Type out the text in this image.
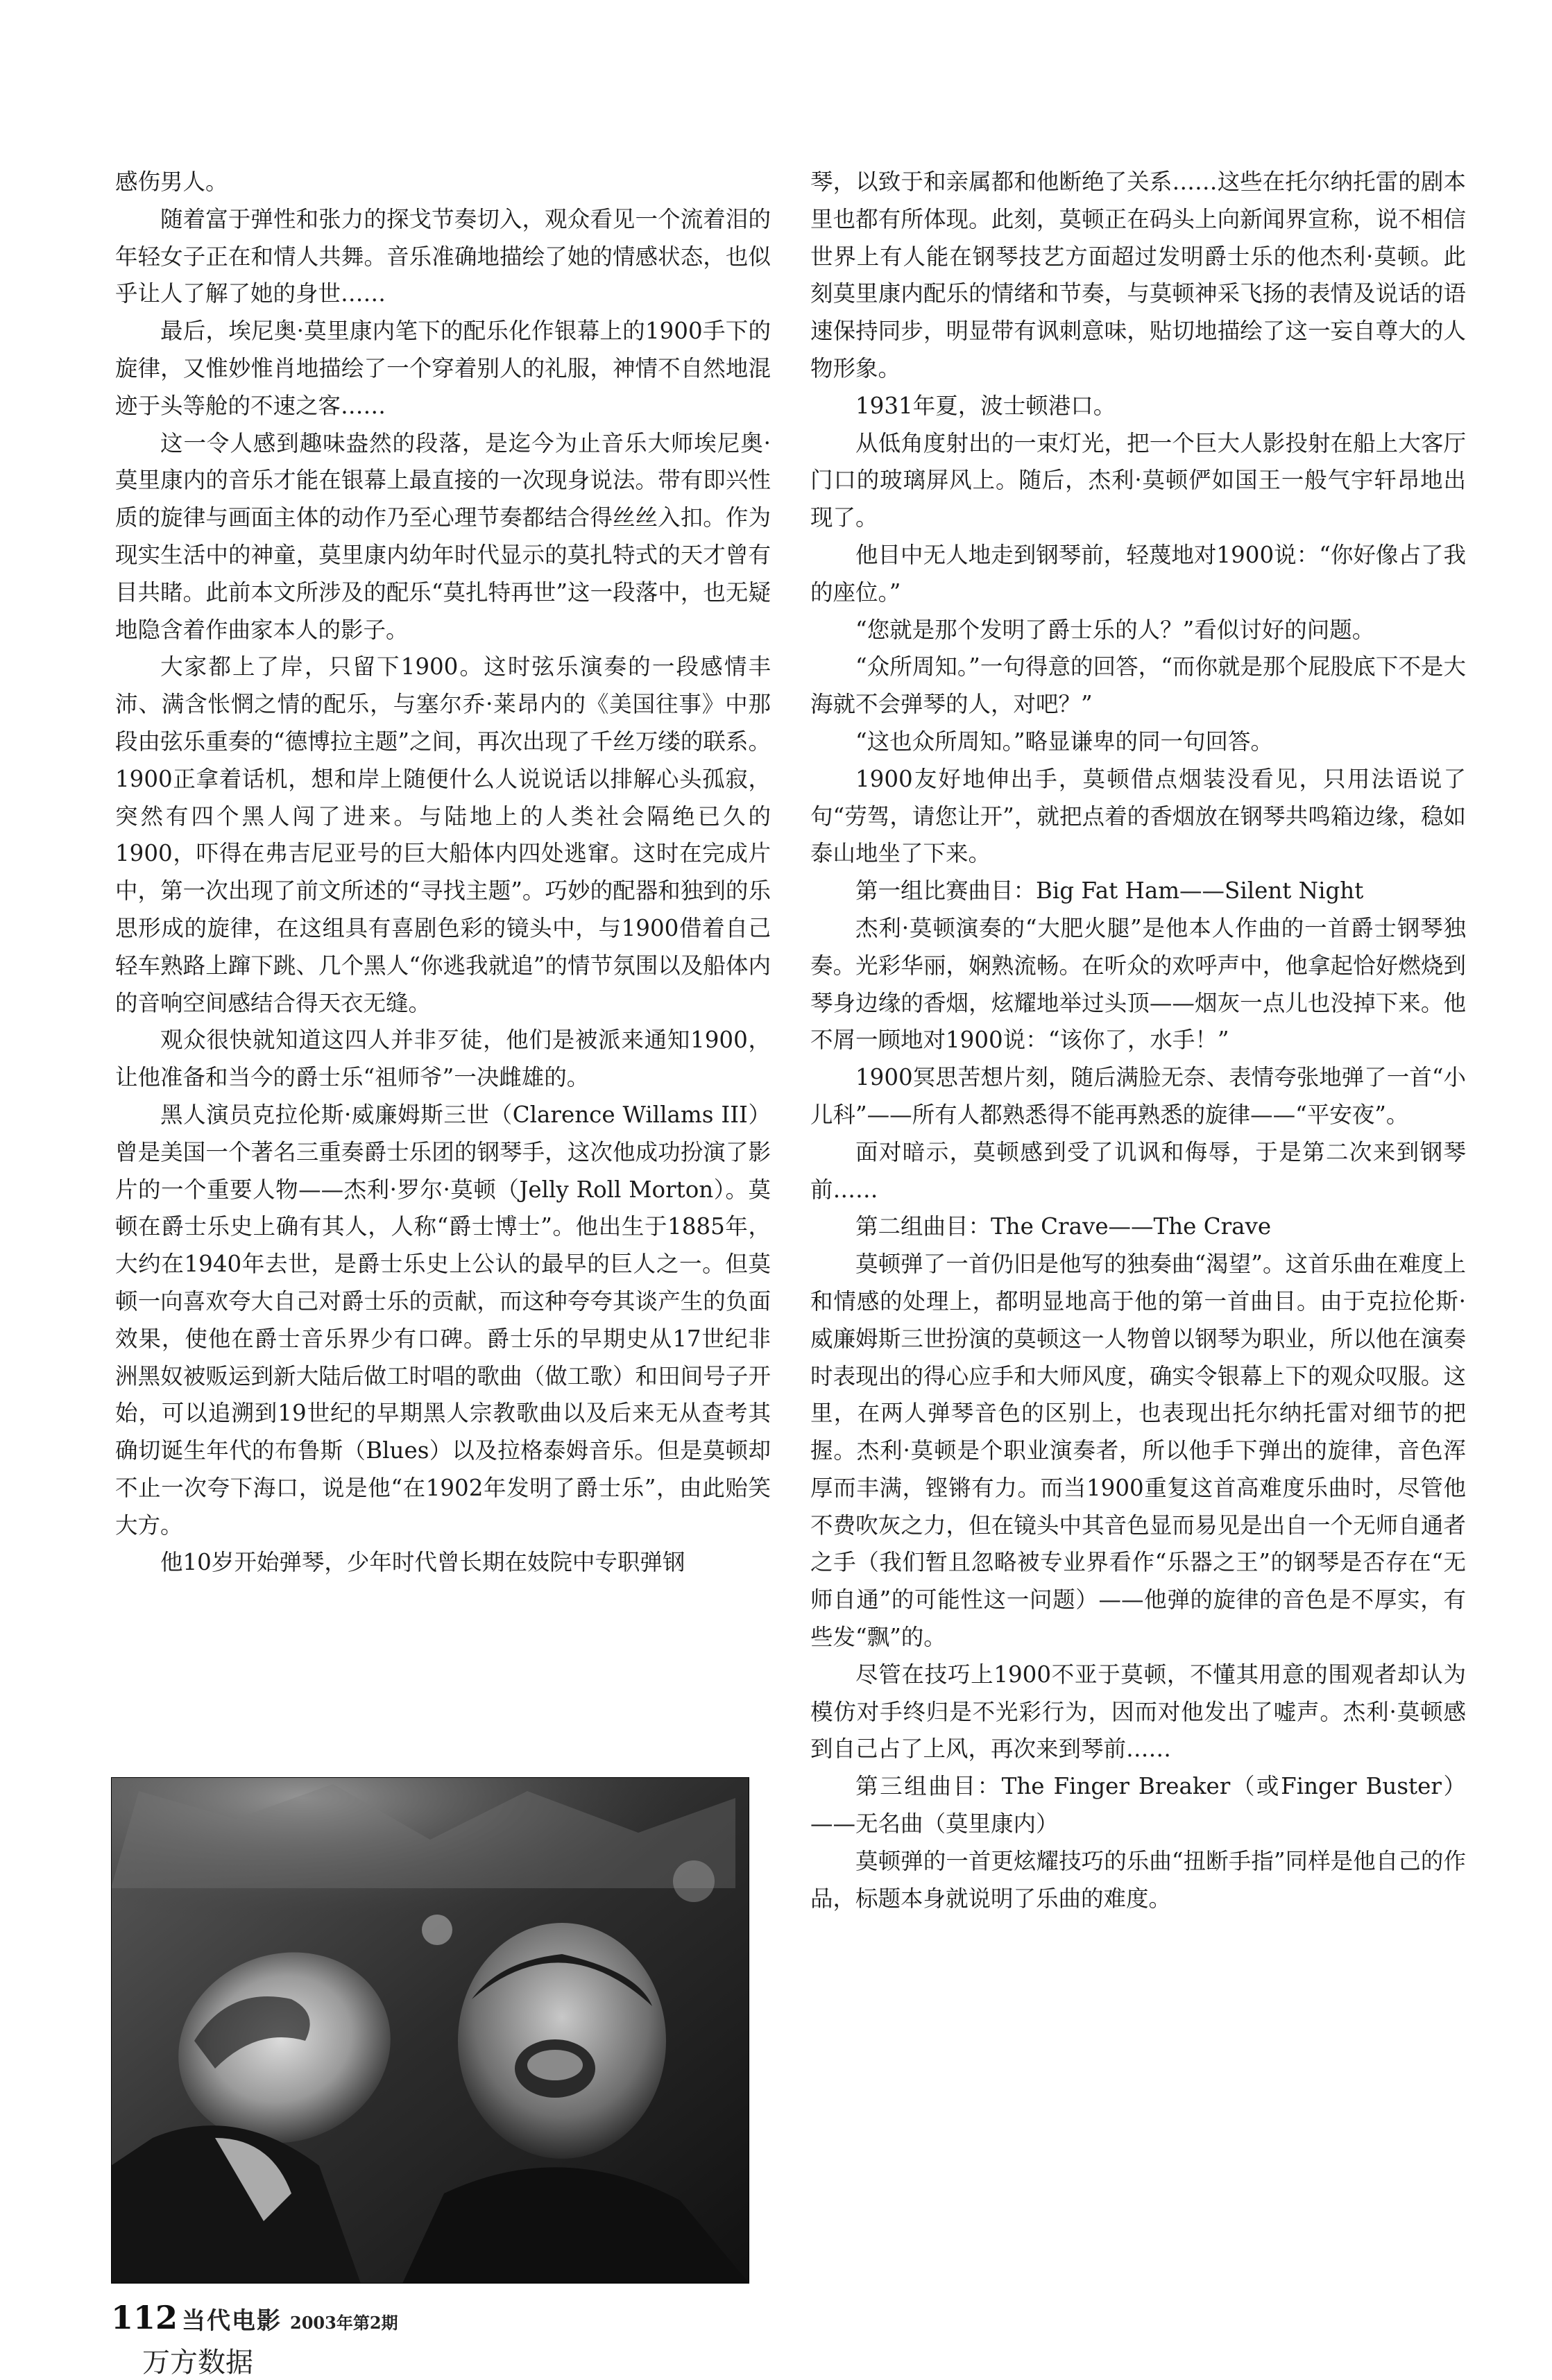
感伤男人。

随着富于弹性和张力的探戈节奏切入，观众看见一个流着泪的年轻女子正在和情人共舞。音乐准确地描绘了她的情感状态，也似乎让人了解了她的身世……

最后，埃尼奥·莫里康内笔下的配乐化作银幕上的1900手下的旋律，又惟妙惟肖地描绘了一个穿着别人的礼服，神情不自然地混迹于头等舱的不速之客……

这一令人感到趣味盎然的段落，是迄今为止音乐大师埃尼奥·莫里康内的音乐才能在银幕上最直接的一次现身说法。带有即兴性质的旋律与画面主体的动作乃至心理节奏都结合得丝丝入扣。作为现实生活中的神童，莫里康内幼年时代显示的莫扎特式的天才曾有目共睹。此前本文所涉及的配乐“莫扎特再世”这一段落中，也无疑地隐含着作曲家本人的影子。

大家都上了岸，只留下1900。这时弦乐演奏的一段感情丰沛、满含怅惘之情的配乐，与塞尔乔·莱昂内的《美国往事》中那段由弦乐重奏的“德博拉主题”之间，再次出现了千丝万缕的联系。1900正拿着话机，想和岸上随便什么人说说话以排解心头孤寂，突然有四个黑人闯了进来。与陆地上的人类社会隔绝已久的1900，吓得在弗吉尼亚号的巨大船体内四处逃窜。这时在完成片中，第一次出现了前文所述的“寻找主题”。巧妙的配器和独到的乐思形成的旋律，在这组具有喜剧色彩的镜头中，与1900借着自己轻车熟路上蹿下跳、几个黑人“你逃我就追”的情节氛围以及船体内的音响空间感结合得天衣无缝。

观众很快就知道这四人并非歹徒，他们是被派来通知1900，让他准备和当今的爵士乐“祖师爷”一决雌雄的。

黑人演员克拉伦斯·威廉姆斯三世（Clarence Willams III）曾是美国一个著名三重奏爵士乐团的钢琴手，这次他成功扮演了影片的一个重要人物——杰利·罗尔·莫顿（Jelly Roll Morton）。莫顿在爵士乐史上确有其人，人称“爵士博士”。他出生于1885年，大约在1940年去世，是爵士乐史上公认的最早的巨人之一。但莫顿一向喜欢夸大自己对爵士乐的贡献，而这种夸夸其谈产生的负面效果，使他在爵士音乐界少有口碑。爵士乐的早期史从17世纪非洲黑奴被贩运到新大陆后做工时唱的歌曲（做工歌）和田间号子开始，可以追溯到19世纪的早期黑人宗教歌曲以及后来无从查考其确切诞生年代的布鲁斯（Blues）以及拉格泰姆音乐。但是莫顿却不止一次夸下海口，说是他“在1902年发明了爵士乐”，由此贻笑大方。

他10岁开始弹琴，少年时代曾长期在妓院中专职弹钢

琴，以致于和亲属都和他断绝了关系……这些在托尔纳托雷的剧本里也都有所体现。此刻，莫顿正在码头上向新闻界宣称，说不相信世界上有人能在钢琴技艺方面超过发明爵士乐的他杰利·莫顿。此刻莫里康内配乐的情绪和节奏，与莫顿神采飞扬的表情及说话的语速保持同步，明显带有讽刺意味，贴切地描绘了这一妄自尊大的人物形象。

1931年夏，波士顿港口。

从低角度射出的一束灯光，把一个巨大人影投射在船上大客厅门口的玻璃屏风上。随后，杰利·莫顿俨如国王一般气宇轩昂地出现了。

他目中无人地走到钢琴前，轻蔑地对1900说：“你好像占了我的座位。”

“您就是那个发明了爵士乐的人？”看似讨好的问题。

“众所周知。”一句得意的回答，“而你就是那个屁股底下不是大海就不会弹琴的人，对吧？”

“这也众所周知。”略显谦卑的同一句回答。

1900友好地伸出手，莫顿借点烟装没看见，只用法语说了句“劳驾，请您让开”，就把点着的香烟放在钢琴共鸣箱边缘，稳如泰山地坐了下来。

第一组比赛曲目：Big Fat Ham——Silent Night

杰利·莫顿演奏的“大肥火腿”是他本人作曲的一首爵士钢琴独奏。光彩华丽，娴熟流畅。在听众的欢呼声中，他拿起恰好燃烧到琴身边缘的香烟，炫耀地举过头顶——烟灰一点儿也没掉下来。他不屑一顾地对1900说：“该你了，水手！”

1900冥思苦想片刻，随后满脸无奈、表情夸张地弹了一首“小儿科”——所有人都熟悉得不能再熟悉的旋律——“平安夜”。

面对暗示，莫顿感到受了讥讽和侮辱，于是第二次来到钢琴前……

第二组曲目：The Crave——The Crave

莫顿弹了一首仍旧是他写的独奏曲“渴望”。这首乐曲在难度上和情感的处理上，都明显地高于他的第一首曲目。由于克拉伦斯·威廉姆斯三世扮演的莫顿这一人物曾以钢琴为职业，所以他在演奏时表现出的得心应手和大师风度，确实令银幕上下的观众叹服。这里，在两人弹琴音色的区别上，也表现出托尔纳托雷对细节的把握。杰利·莫顿是个职业演奏者，所以他手下弹出的旋律，音色浑厚而丰满，铿锵有力。而当1900重复这首高难度乐曲时，尽管他不费吹灰之力，但在镜头中其音色显而易见是出自一个无师自通者之手（我们暂且忽略被专业界看作“乐器之王”的钢琴是否存在“无师自通”的可能性这一问题）——他弹的旋律的音色是不厚实，有些发“飘”的。

尽管在技巧上1900不亚于莫顿，不懂其用意的围观者却认为模仿对手终归是不光彩行为，因而对他发出了嘘声。杰利·莫顿感到自己占了上风，再次来到琴前……

第三组曲目：The Finger Breaker（或Finger Buster）——无名曲（莫里康内）

莫顿弹的一首更炫耀技巧的乐曲“扭断手指”同样是他自己的作品，标题本身就说明了乐曲的难度。

112 当代电影 2003年第2期
万方数据
